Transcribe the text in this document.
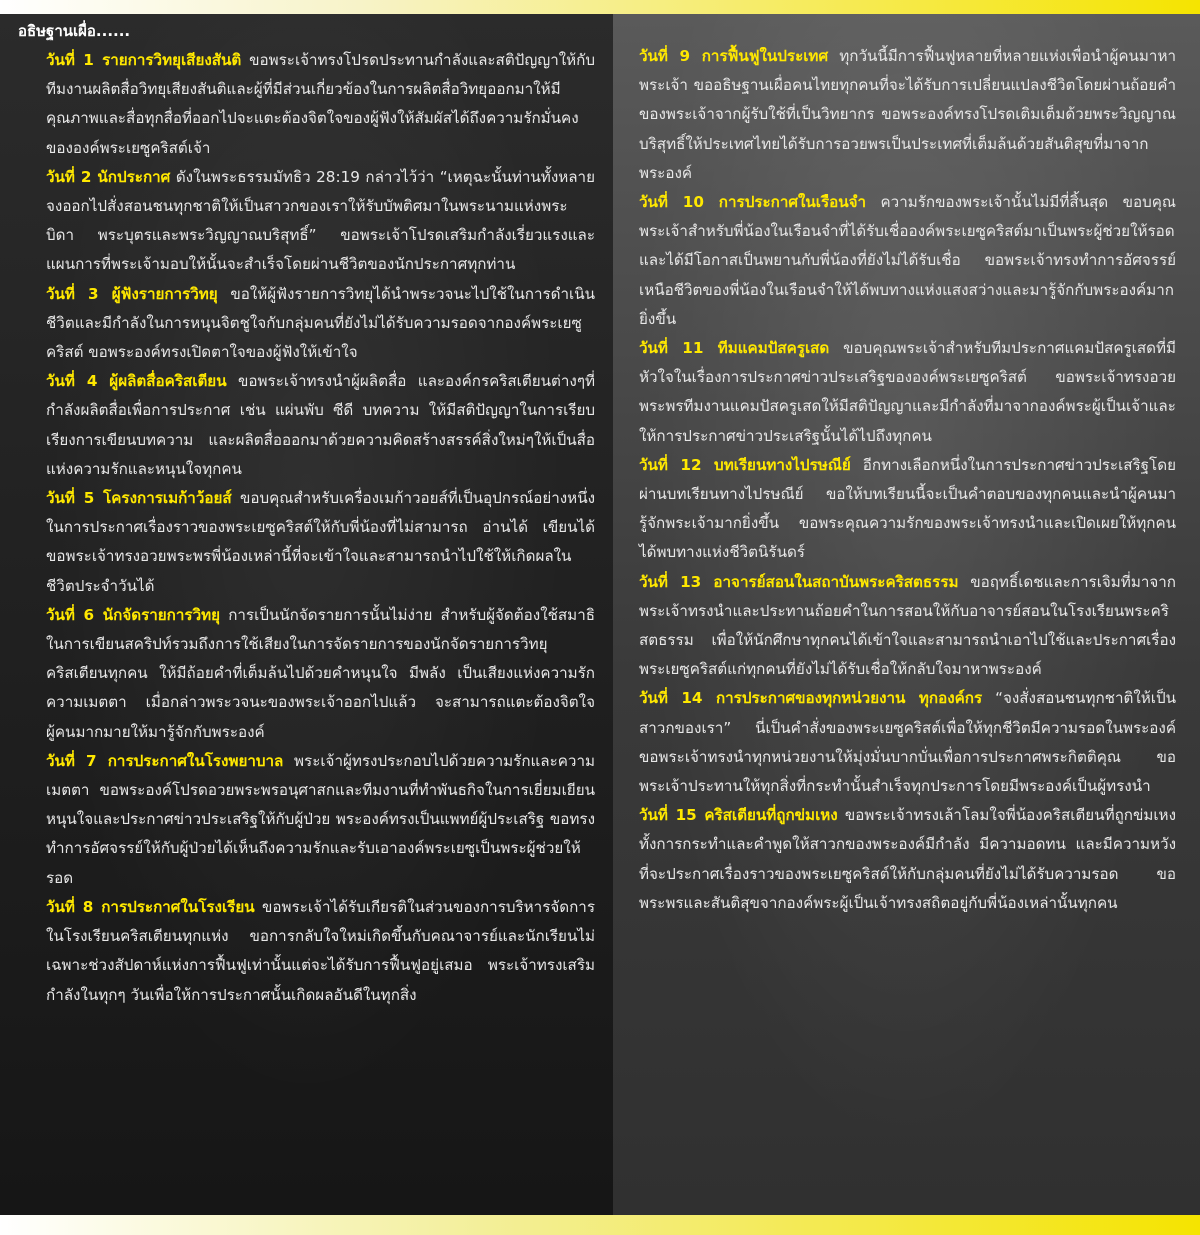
อธิษฐานเผื่อ......

วันที่ 1 รายการวิทยุเสียงสันติ ขอพระเจ้าทรงโปรดประทานกำลังและสติปัญญาให้กับทีมงานผลิตสื่อวิทยุเสียงสันติและผู้ที่มีส่วนเกี่ยวข้องในการผลิตสื่อวิทยุออกมาให้มีคุณภาพและสื่อทุกสื่อที่ออกไปจะแตะต้องจิตใจของผู้ฟังให้สัมผัสได้ถึงความรักมั่นคงขององค์พระเยซูคริสต์เจ้า

วันที่ 2 นักประกาศ ดังในพระธรรมมัทธิว 28:19 กล่าวไว้ว่า “เหตุฉะนั้นท่านทั้งหลายจงออกไปสั่งสอนชนทุกชาติให้เป็นสาวกของเราให้รับบัพติศมาในพระนามแห่งพระบิดา พระบุตรและพระวิญญาณบริสุทธิ์” ขอพระเจ้าโปรดเสริมกำลังเรี่ยวแรงและแผนการที่พระเจ้ามอบให้นั้นจะสำเร็จโดยผ่านชีวิตของนักประกาศทุกท่าน

วันที่ 3 ผู้ฟังรายการวิทยุ ขอให้ผู้ฟังรายการวิทยุได้นำพระวจนะไปใช้ในการดำเนินชีวิตและมีกำลังในการหนุนจิตชูใจกับกลุ่มคนที่ยังไม่ได้รับความรอดจากองค์พระเยซูคริสต์ ขอพระองค์ทรงเปิดตาใจของผู้ฟังให้เข้าใจ

วันที่ 4 ผู้ผลิตสื่อคริสเตียน ขอพระเจ้าทรงนำผู้ผลิตสื่อ และองค์กรคริสเตียนต่างๆที่กำลังผลิตสื่อเพื่อการประกาศ เช่น แผ่นพับ ซีดี บทความ ให้มีสติปัญญาในการเรียบเรียงการเขียนบทความ และผลิตสื่อออกมาด้วยความคิดสร้างสรรค์สิ่งใหม่ๆให้เป็นสื่อแห่งความรักและหนุนใจทุกคน

วันที่ 5 โครงการเมก้าว้อยส์ ขอบคุณสำหรับเครื่องเมก้าวอยส์ที่เป็นอุปกรณ์อย่างหนึ่งในการประกาศเรื่องราวของพระเยซูคริสต์ให้กับพี่น้องที่ไม่สามารถ อ่านได้ เขียนได้ ขอพระเจ้าทรงอวยพระพรพี่น้องเหล่านี้ที่จะเข้าใจและสามารถนำไปใช้ให้เกิดผลในชีวิตประจำวันได้

วันที่ 6 นักจัดรายการวิทยุ การเป็นนักจัดรายการนั้นไม่ง่าย สำหรับผู้จัดต้องใช้สมาธิในการเขียนสคริปท์รวมถึงการใช้เสียงในการจัดรายการของนักจัดรายการวิทยุคริสเตียนทุกคน ให้มีถ้อยคำที่เต็มล้นไปด้วยคำหนุนใจ มีพลัง เป็นเสียงแห่งความรักความเมตตา เมื่อกล่าวพระวจนะของพระเจ้าออกไปแล้ว จะสามารถแตะต้องจิตใจผู้คนมากมายให้มารู้จักกับพระองค์

วันที่ 7 การประกาศในโรงพยาบาล พระเจ้าผู้ทรงประกอบไปด้วยความรักและความเมตตา ขอพระองค์โปรดอวยพระพรอนุศาสกและทีมงานที่ทำพันธกิจในการเยี่ยมเยียนหนุนใจและประกาศข่าวประเสริฐให้กับผู้ป่วย พระองค์ทรงเป็นแพทย์ผู้ประเสริฐ ขอทรงทำการอัศจรรย์ให้กับผู้ป่วยได้เห็นถึงความรักและรับเอาองค์พระเยซูเป็นพระผู้ช่วยให้รอด

วันที่ 8 การประกาศในโรงเรียน ขอพระเจ้าได้รับเกียรติในส่วนของการบริหารจัดการในโรงเรียนคริสเตียนทุกแห่ง ขอการกลับใจใหม่เกิดขึ้นกับคณาจารย์และนักเรียนไม่เฉพาะช่วงสัปดาห์แห่งการฟื้นฟูเท่านั้นแต่จะได้รับการฟื้นฟูอยู่เสมอ พระเจ้าทรงเสริมกำลังในทุกๆ วันเพื่อให้การประกาศนั้นเกิดผลอันดีในทุกสิ่ง

วันที่ 9 การฟื้นฟูในประเทศ ทุกวันนี้มีการฟื้นฟูหลายที่หลายแห่งเพื่อนำผู้คนมาหาพระเจ้า ขออธิษฐานเผื่อคนไทยทุกคนที่จะได้รับการเปลี่ยนแปลงชีวิตโดยผ่านถ้อยคำของพระเจ้าจากผู้รับใช้ที่เป็นวิทยากร ขอพระองค์ทรงโปรดเติมเต็มด้วยพระวิญญาณบริสุทธิ์ให้ประเทศไทยได้รับการอวยพรเป็นประเทศที่เต็มล้นด้วยสันติสุขที่มาจากพระองค์

วันที่ 10 การประกาศในเรือนจำ ความรักของพระเจ้านั้นไม่มีที่สิ้นสุด ขอบคุณพระเจ้าสำหรับพี่น้องในเรือนจำที่ได้รับเชื่อองค์พระเยซูคริสต์มาเป็นพระผู้ช่วยให้รอดและได้มีโอกาสเป็นพยานกับพี่น้องที่ยังไม่ได้รับเชื่อ ขอพระเจ้าทรงทำการอัศจรรย์เหนือชีวิตของพี่น้องในเรือนจำให้ได้พบทางแห่งแสงสว่างและมารู้จักกับพระองค์มากยิ่งขึ้น

วันที่ 11 ทีมแคมปัสครูเสด ขอบคุณพระเจ้าสำหรับทีมประกาศแคมปัสครูเสดที่มีหัวใจในเรื่องการประกาศข่าวประเสริฐขององค์พระเยซูคริสต์ ขอพระเจ้าทรงอวยพระพรทีมงานแคมปัสครูเสดให้มีสติปัญญาและมีกำลังที่มาจากองค์พระผู้เป็นเจ้าและให้การประกาศข่าวประเสริฐนั้นได้ไปถึงทุกคน

วันที่ 12 บทเรียนทางไปรษณีย์ อีกทางเลือกหนึ่งในการประกาศข่าวประเสริฐโดยผ่านบทเรียนทางไปรษณีย์ ขอให้บทเรียนนี้จะเป็นคำตอบของทุกคนและนำผู้คนมารู้จักพระเจ้ามากยิ่งขึ้น ขอพระคุณความรักของพระเจ้าทรงนำและเปิดเผยให้ทุกคนได้พบทางแห่งชีวิตนิรันดร์

วันที่ 13 อาจารย์สอนในสถาบันพระคริสตธรรม ขอฤทธิ์เดชและการเจิมที่มาจากพระเจ้าทรงนำและประทานถ้อยคำในการสอนให้กับอาจารย์สอนในโรงเรียนพระคริสตธรรม เพื่อให้นักศึกษาทุกคนได้เข้าใจและสามารถนำเอาไปใช้และประกาศเรื่องพระเยซูคริสต์แก่ทุกคนที่ยังไม่ได้รับเชื่อให้กลับใจมาหาพระองค์

วันที่ 14 การประกาศของทุกหน่วยงาน ทุกองค์กร “จงสั่งสอนชนทุกชาติให้เป็นสาวกของเรา” นี่เป็นคำสั่งของพระเยซูคริสต์เพื่อให้ทุกชีวิตมีความรอดในพระองค์ ขอพระเจ้าทรงนำทุกหน่วยงานให้มุ่งมั่นบากบั่นเพื่อการประกาศพระกิตติคุณ ขอพระเจ้าประทานให้ทุกสิ่งที่กระทำนั้นสำเร็จทุกประการโดยมีพระองค์เป็นผู้ทรงนำ

วันที่ 15 คริสเตียนที่ถูกข่มเหง ขอพระเจ้าทรงเล้าโลมใจพี่น้องคริสเตียนที่ถูกข่มเหงทั้งการกระทำและคำพูดให้สาวกของพระองค์มีกำลัง มีความอดทน และมีความหวังที่จะประกาศเรื่องราวของพระเยซูคริสต์ให้กับกลุ่มคนที่ยังไม่ได้รับความรอด ขอพระพรและสันติสุขจากองค์พระผู้เป็นเจ้าทรงสถิตอยู่กับพี่น้องเหล่านั้นทุกคน
